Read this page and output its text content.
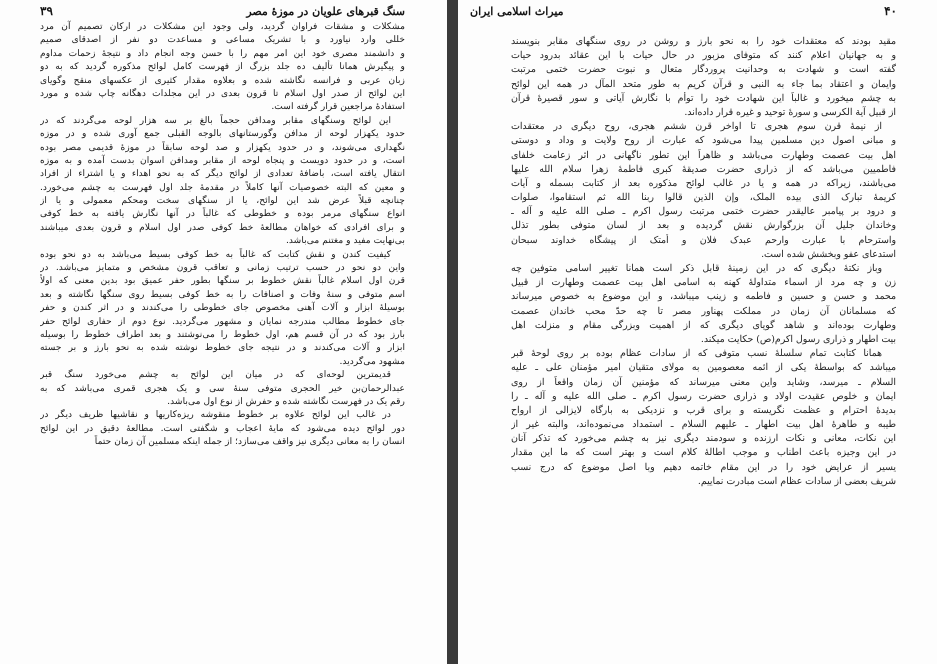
سنگ قبرهای علویان در موزهٔ مصر
۳۹
مشکلات و مشقات فراوان گردید، ولی وجود این مشکلات در ارکان تصمیم آن مرد
خللی وارد نیاورد و با تشریک مساعی و مساعدت دو نفر از اصدقای صمیم
و دانشمند مصری خود این امر مهم را با حسن وجه انجام داد و نتیجهٔ زحمات مداوم
و پیگیرش همانا تألیف ده جلد بزرگ از فهرست کامل لوائح مذکوره گردید که به دو
زبان عربی و فرانسه نگاشته شده و بعلاوه مقدار کثیری از عکسهای منقح وگویای
این لوائح از صدر اول اسلام تا قرون بعدی در این مجلدات دهگانه چاپ شده و مورد
استفادهٔ مراجعین قرار گرفته است.
این لوائح وسنگهای مقابر ومدافن حجماً بالغ بر سه هزار لوحه می‌گردند که در
حدود یکهزار لوحه از مدافن وگورستانهای بالوجه القبلی جمع آوری شده و در موزه
نگهداری می‌شوند، و در حدود یکهزار و صد لوحه سابقاً در موزهٔ قدیمی مصر بوده
است، و در حدود دویست و پنجاه لوحه از مقابر ومدافن اسوان بدست آمده و به موزه
انتقال یافته است، باضافهٔ تعدادی از لوائح دیگر که به نحو اهداء و یا اشتراء از افراد
و معین که البته خصوصیات آنها کاملاً در مقدمهٔ جلد اول فهرست به چشم می‌خورد.
چنانچه قبلاً عرض شد این لوائح، یا از سنگهای سخت ومحکم معمولی و یا از
انواع سنگهای مرمر بوده و خطوطی که غالباً در آنها نگارش یافته به خط کوفی
و برای افرادی که خواهان مطالعهٔ خط کوفی صدر اول اسلام و قرون بعدی میباشند
بی‌نهایت مفید و مغتنم می‌باشد.
کیفیت کندن و نقش کتابت که غالباً به خط کوفی بسیط می‌باشد به دو نحو بوده
واین دو نحو در حسب ترتیب زمانی و تعاقب قرون مشخص و متمایز می‌باشد. در
قرن اول اسلام غالباً نقش خطوط بر سنگها بطور حفر عمیق بود بدین معنی که اولاً
اسم متوفی و سنهٔ وفات و اصنافات را به خط کوفی بسیط روی سنگها نگاشته و بعد
بوسیلهٔ ابزار و آلات آهنی مخصوص جای خطوطی را می‌کندند و در اثر کندن و حفر
جای خطوط مطالب مندرجه نمایان و مشهور می‌گردید. نوع دوم از حفاری لوائح حفر
بارز بود که در آن قسم هم، اول خطوط را می‌نوشتند و بعد اطراف خطوط را بوسیله
ابزار و آلات می‌کندند و در نتیجه جای خطوط نوشته شده به نحو بارز و بر جسته
مشهود می‌گردید.
قدیمترین لوحه‌ای که در میان این لوائح به چشم می‌خورد سنگ قبر
عبدالرحمان‌بن خیر الحجری متوفی سنهٔ سی و یک هجری قمری می‌باشد که به
رقم یک در فهرست نگاشته شده و حفرش از نوع اول می‌باشد.
در غالب این لوائح علاوه بر خطوط منقوشه ریزه‌کاریها و نقاشیها ظریف دیگر در
دور لوائح دیده می‌شود که مایهٔ اعجاب و شگفتی است. مطالعهٔ دقیق در این لوائح
انسان را به معانی دیگری نیز واقف می‌سازد؛ از جمله اینکه مسلمین آن زمان حتماً
۴۰
میراث اسلامی ایران
مقید بودند که معتقدات خود را به نحو بارز و روشن در روی سنگهای مقابر بنویسند
و به جهانیان اعلام کنند که متوفای مزبور در حال حیات با این عقائد بدرود حیات
گفته است و شهادت به وحدانیت پروردگار متعال و نبوت حضرت ختمی مرتبت
وایمان و اعتقاد بما جاء به النبی و قرآن کریم به طور متحد المآل در همه این لوائح
به چشم میخورد و غالباً این شهادت خود را توأم با نگارش آیاتی و سور قصیرهٔ قرآن
از قبیل آیة الکرسی و سورهٔ توحید و غیره قرار داده‌اند.
از نیمهٔ قرن سوم هجری تا اواخر قرن ششم هجری، روح دیگری در معتقدات
و مبانی اصول دین مسلمین پیدا می‌شود که عبارت از روح ولایت و وداد و دوستی
اهل بیت عصمت وطهارت می‌باشد و ظاهراً این تطور ناگهانی در اثر زعامت خلفای
فاطمیین می‌باشد که از ذراری حضرت صدیقهٔ کبری فاطمهٔ زهرا سلام الله علیها
می‌باشند، زیراکه در همه و یا در غالب لوائح مذکوره بعد از کتابت بسمله و آیات
کریمهٔ تبارک الذی بیده الملک، وإن الذین قالوا ربنا الله ثم استقاموا، صلوات
و درود بر پیامبر عالیقدر حضرت ختمی مرتبت رسول اکرم ـ صلی الله علیه و آله ـ
وخاندان جلیل آن بزرگوارش نقش گردیده و بعد از لسان متوفی بطور تذلل
واسترحام با عبارت وارحم عبدک فلان و أمتک از پیشگاه خداوند سبحان
استدعای عفو وبخشش شده است.
وباز نکتهٔ دیگری که در این زمینهٔ قابل ذکر است همانا تغییر اسامی متوفین چه
زن و چه مرد از اسماء متداولهٔ کهنه به اسامی اهل بیت عصمت وطهارت از قبیل
محمد و حسن و حسین و فاطمه و زینب میباشد، و این موضوع به خصوص میرساند
که مسلمانان آن زمان در مملکت پهناور مصر تا چه حدّ محب خاندان عصمت
وطهارت بوده‌اند و شاهد گویای دیگری که از اهمیت وبزرگی مقام و منزلت اهل
بیت اطهار و ذراری رسول اکرم(ص) حکایت میکند.
همانا کتابت تمام سلسلهٔ نسب متوفی که از سادات عظام بوده بر روی لوحهٔ قبر
میباشد که بواسطهٔ یکی از ائمه معصومین به مولای متقیان امیر مؤمنان علی ـ علیه
السلام ـ میرسد، وشاید واین معنی میرساند که مؤمنین آن زمان واقعاً از روی
ایمان و خلوص عقیدت اولاد و ذراری حضرت رسول اکرم ـ صلی الله علیه و آله ـ را
بدیدهٔ احترام و عظمت نگریسته و برای قرب و نزدیکی به بارگاه لایزالی از ارواح
طیبه و طاهرهٔ اهل بیت اطهار ـ علیهم السلام ـ استمداد می‌نموده‌اند، والبته غیر از
این نکات، معانی و نکات ارزنده و سودمند دیگری نیز به چشم می‌خورد که تذکر آنان
در این وجیزه باعث اطناب و موجب اطالهٔ کلام است و بهتر است که ما این مقدار
یسیر از عرایض خود را در این مقام خاتمه دهیم وبا اصل موضوع که درج نسب
شریف بعضی از سادات عظام است مبادرت نماییم.
